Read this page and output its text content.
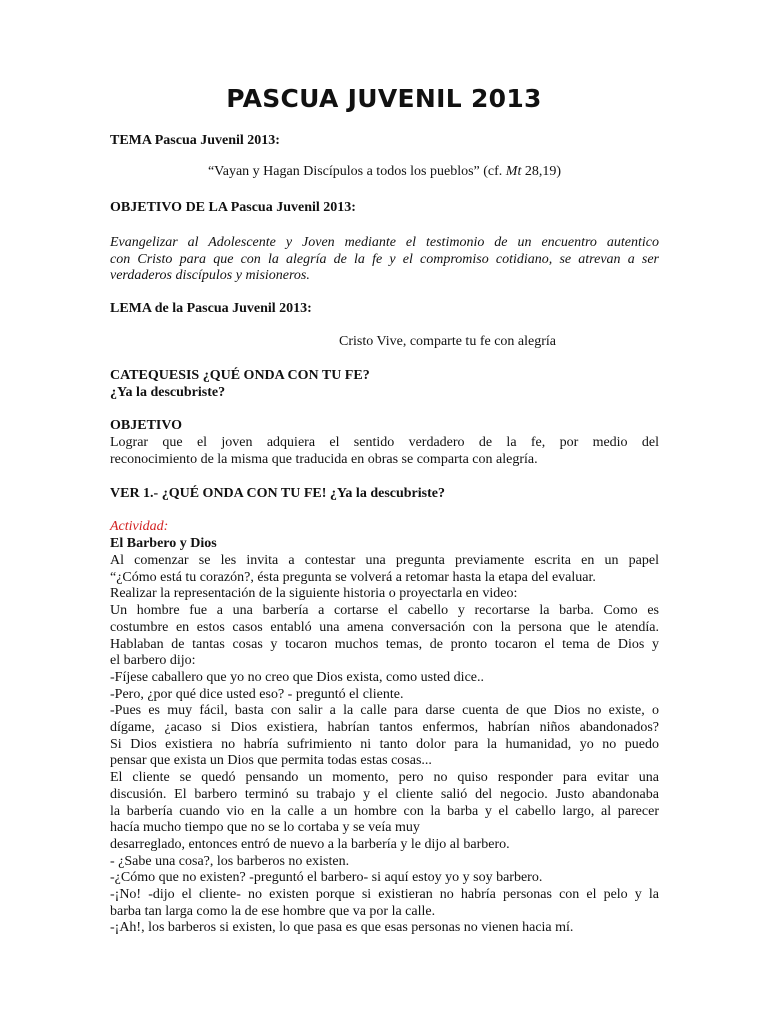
PASCUA JUVENIL 2013
TEMA Pascua Juvenil 2013:
“Vayan y Hagan Discípulos a todos los pueblos” (cf. Mt 28,19)
OBJETIVO DE LA Pascua Juvenil 2013:
Evangelizar al Adolescente y Joven mediante el testimonio de un encuentro autentico
con Cristo para que con la alegría de la fe y el compromiso cotidiano, se atrevan a ser
verdaderos discípulos y misioneros.
LEMA de la Pascua Juvenil 2013:
Cristo Vive, comparte tu fe con alegría
CATEQUESIS ¿QUÉ ONDA CON TU FE?
¿Ya la descubriste?
OBJETIVO
Lograr que el joven adquiera el sentido verdadero de la fe, por medio del
reconocimiento de la misma que traducida en obras se comparta con alegría.
VER 1.- ¿QUÉ ONDA CON TU FE! ¿Ya la descubriste?
Actividad:
El Barbero y Dios
Al comenzar se les invita a contestar una pregunta previamente escrita en un papel
“¿Cómo está tu corazón?, ésta pregunta se volverá a retomar hasta la etapa del evaluar.
Realizar la representación de la siguiente historia o proyectarla en video:
Un hombre fue a una barbería a cortarse el cabello y recortarse la barba. Como es
costumbre en estos casos entabló una amena conversación con la persona que le atendía.
Hablaban de tantas cosas y tocaron muchos temas, de pronto tocaron el tema de Dios y
el barbero dijo:
-Fíjese caballero que yo no creo que Dios exista, como usted dice..
-Pero, ¿por qué dice usted eso? - preguntó el cliente.
-Pues es muy fácil, basta con salir a la calle para darse cuenta de que Dios no existe, o
dígame, ¿acaso si Dios existiera, habrían tantos enfermos, habrían niños abandonados?
Si Dios existiera no habría sufrimiento ni tanto dolor para la humanidad, yo no puedo
pensar que exista un Dios que permita todas estas cosas...
El cliente se quedó pensando un momento, pero no quiso responder para evitar una
discusión. El barbero terminó su trabajo y el cliente salió del negocio. Justo abandonaba
la barbería cuando vio en la calle a un hombre con la barba y el cabello largo, al parecer
hacía mucho tiempo que no se lo cortaba y se veía muy
desarreglado, entonces entró de nuevo a la barbería y le dijo al barbero.
- ¿Sabe una cosa?, los barberos no existen.
-¿Cómo que no existen? -preguntó el barbero- si aquí estoy yo y soy barbero.
-¡No! -dijo el cliente- no existen porque si existieran no habría personas con el pelo y la
barba tan larga como la de ese hombre que va por la calle.
-¡Ah!, los barberos si existen, lo que pasa es que esas personas no vienen hacia mí.
